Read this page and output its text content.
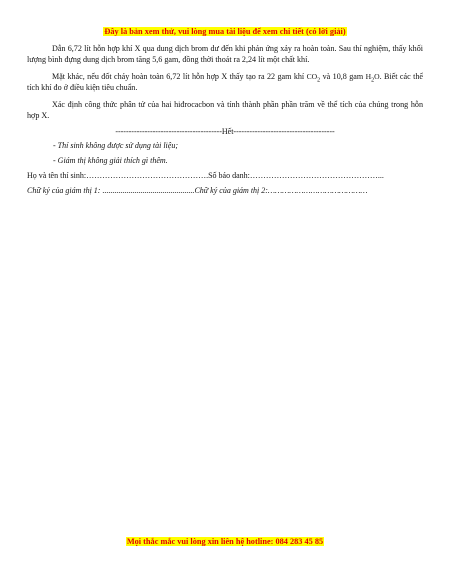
Đây là bản xem thử, vui lòng mua tài liệu để xem chi tiết (có lời giải)
Dẫn 6,72 lít hỗn hợp khí X qua dung dịch brom dư đến khi phản ứng xảy ra hoàn toàn. Sau thí nghiệm, thấy khối lượng bình đựng dung dịch brom tăng 5,6 gam, đồng thời thoát ra 2,24 lít một chất khí.
Mặt khác, nếu đốt cháy hoàn toàn 6,72 lít hỗn hợp X thấy tạo ra 22 gam khí $CO_2$ và 10,8 gam $H_2O$. Biết các thể tích khí đo ở điều kiện tiêu chuẩn.
Xác định công thức phân tử của hai hiđrocacbon và tính thành phần phần trăm về thể tích của chúng trong hỗn hợp X.
----------------------------------------Hết--------------------------------------
- Thí sinh không được sử dụng tài liệu;
- Giám thị không giải thích gì thêm.
Họ và tên thí sinh:……………………………………….Số báo danh:…………………………………………...
Chữ ký của giám thị 1: ..............................................Chữ ký của giám thị 2:……………………………………
Mọi thắc mắc vui lòng xin liên hệ hotline: 084 283 45 85
